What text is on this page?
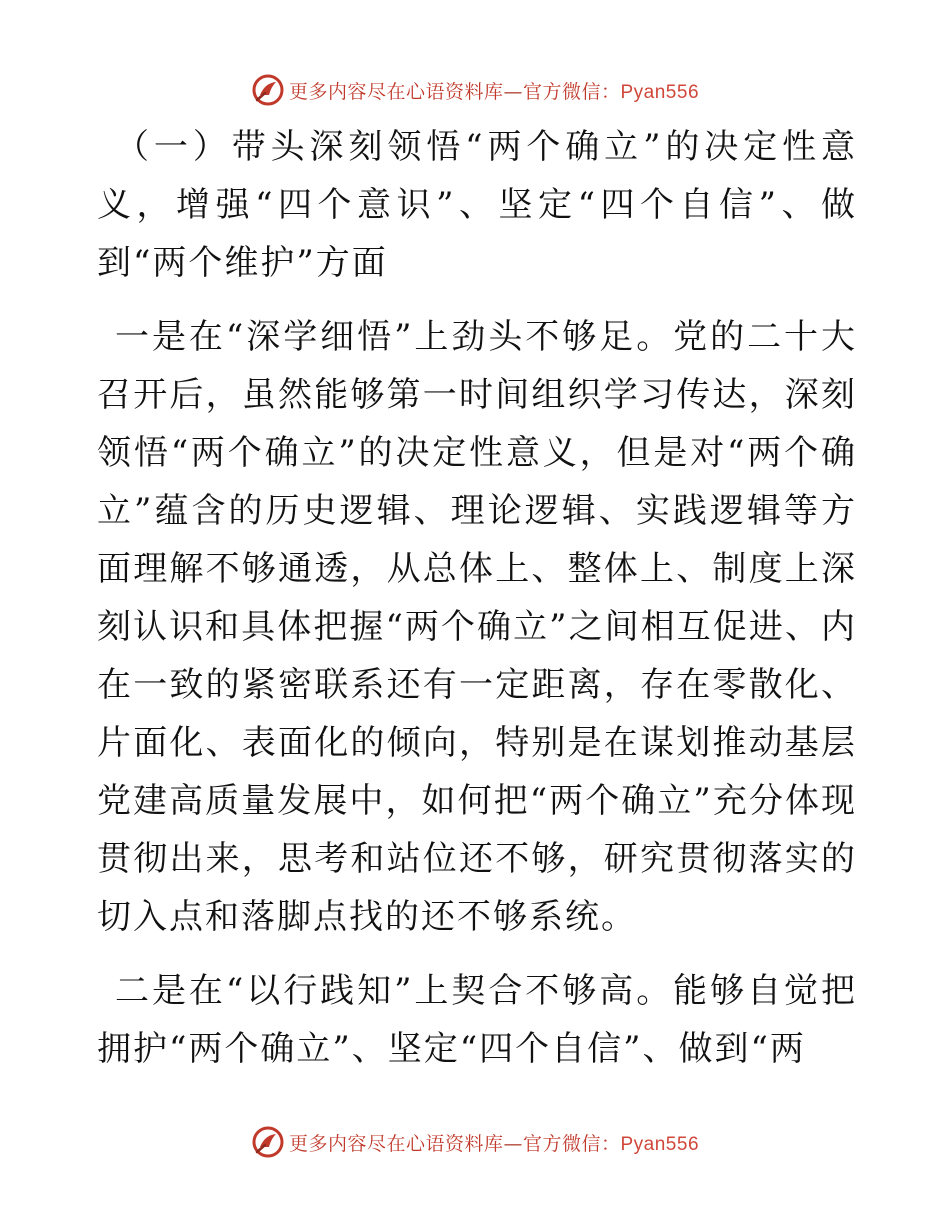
更多内容尽在心语资料库—官方微信：Pyan556

（一）带头深刻领悟“两个确立”的决定性意义，增强“四个意识”、坚定“四个自信”、做到“两个维护”方面

一是在“深学细悟”上劲头不够足。党的二十大召开后，虽然能够第一时间组织学习传达，深刻领悟“两个确立”的决定性意义，但是对“两个确立”蕴含的历史逻辑、理论逻辑、实践逻辑等方面理解不够通透，从总体上、整体上、制度上深刻认识和具体把握“两个确立”之间相互促进、内在一致的紧密联系还有一定距离，存在零散化、片面化、表面化的倾向，特别是在谋划推动基层党建高质量发展中，如何把“两个确立”充分体现贯彻出来，思考和站位还不够，研究贯彻落实的切入点和落脚点找的还不够系统。

二是在“以行践知”上契合不够高。能够自觉把拥护“两个确立”、坚定“四个自信”、做到“两

更多内容尽在心语资料库—官方微信：Pyan556
